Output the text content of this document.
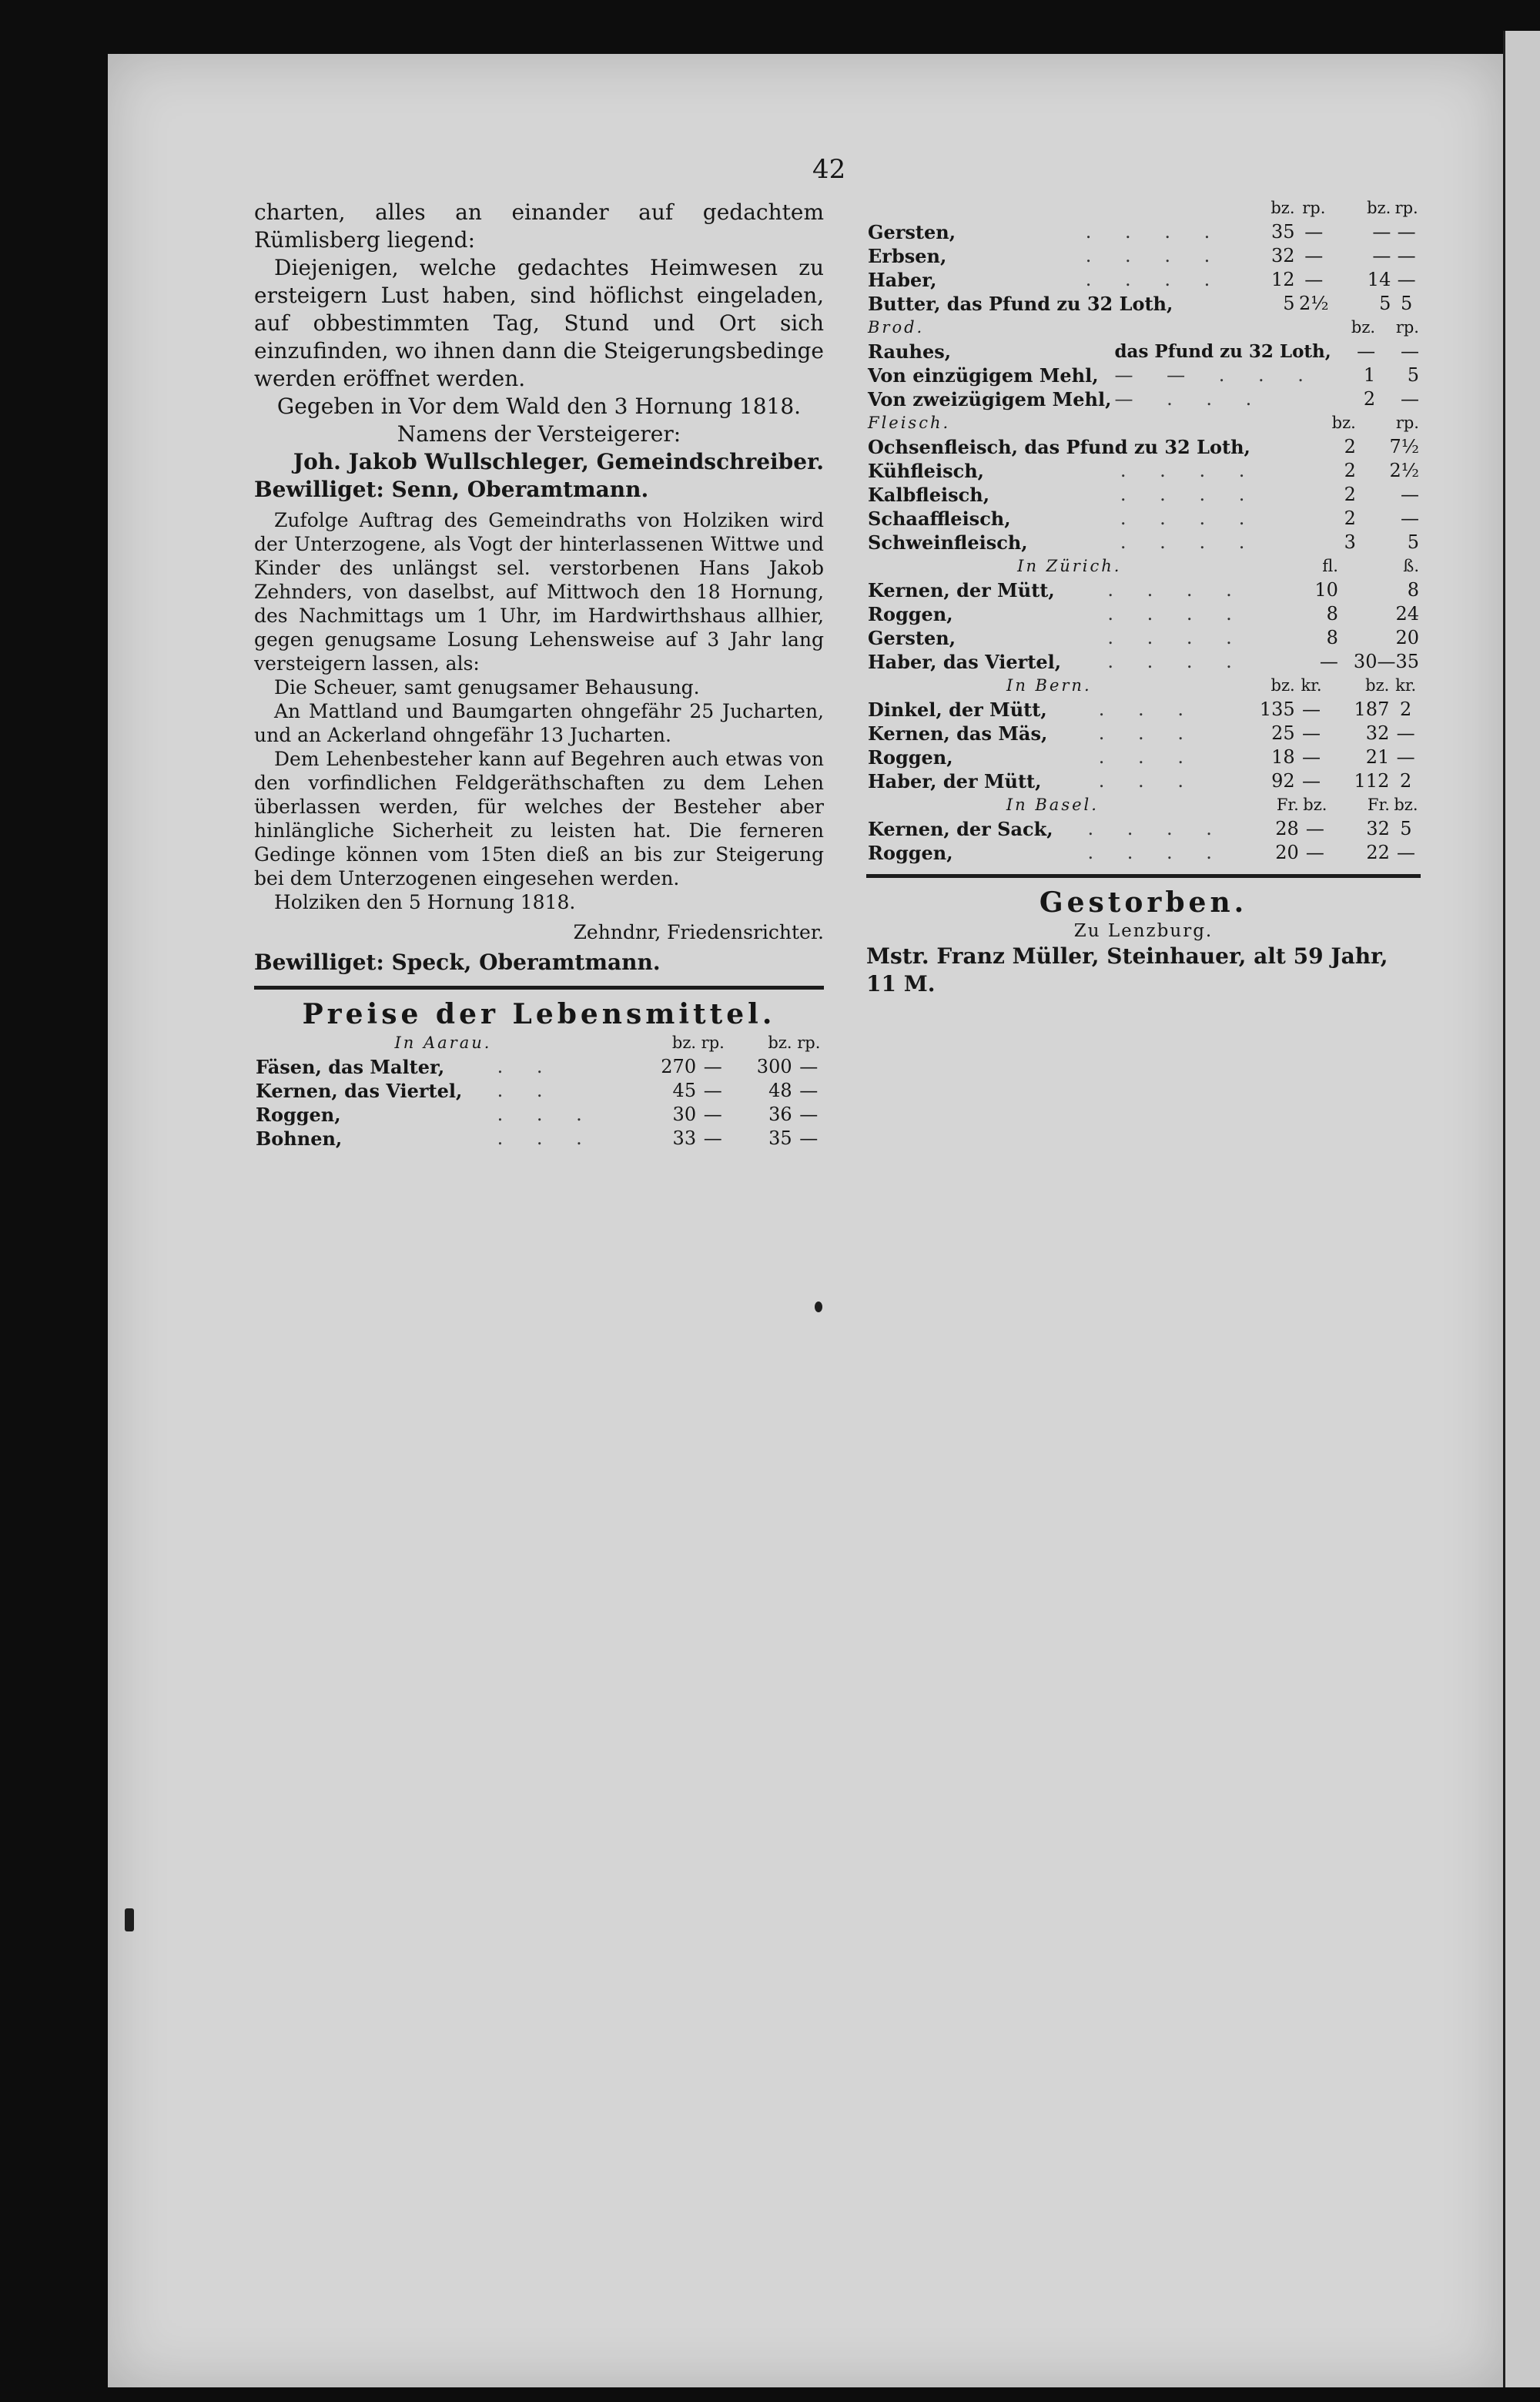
42

charten, alles an einander auf gedachtem Rümlisberg liegend:

Diejenigen, welche gedachtes Heimwesen zu ersteigern Lust haben, sind höflichst eingeladen, auf obbestimmten Tag, Stund und Ort sich einzufinden, wo ihnen dann die Steigerungsbedinge werden eröffnet werden.

Gegeben in Vor dem Wald den 3 Hornung 1818.

Namens der Versteigerer:

Joh. Jakob Wullschleger, Gemeindschreiber.

Bewilliget: Senn, Oberamtmann.

Zufolge Auftrag des Gemeindraths von Holziken wird der Unterzogene, als Vogt der hinterlassenen Wittwe und Kinder des unlängst sel. verstorbenen Hans Jakob Zehnders, von daselbst, auf Mittwoch den 18 Hornung, des Nachmittags um 1 Uhr, im Hardwirthshaus allhier, gegen genugsame Losung Lehensweise auf 3 Jahr lang versteigern lassen, als:

Die Scheuer, samt genugsamer Behausung.

An Mattland und Baumgarten ohngefähr 25 Jucharten, und an Ackerland ohngefähr 13 Jucharten.

Dem Lehenbesteher kann auf Begehren auch etwas von den vorfindlichen Feldgeräthschaften zu dem Lehen überlassen werden, für welches der Besteher aber hinlängliche Sicherheit zu leisten hat. Die ferneren Gedinge können vom 15ten dieß an bis zur Steigerung bei dem Unterzogenen eingesehen werden.

Holziken den 5 Hornung 1818.

Zehndnr, Friedensrichter.

Bewilliget: Speck, Oberamtmann.

Preise der Lebensmittel.
In Aarau.		bz.	rp.	bz.	rp.
Fäsen, das Malter,	. .	270	—	300	—
Kernen, das Viertel,	. .	45	—	48	—
Roggen,	. . .	30	—	36	—
Bohnen,	. . .	33	—	35	—
		bz.	rp.	bz.	rp.
Gersten,	. . . .	35	—	—	—
Erbsen,	. . . .	32	—	—	—
Haber,	. . . .	12	—	14	—
Butter, das Pfund zu 32 Loth,		5	2½	5	5
Brod.		bz.	rp.
Rauhes,	das Pfund zu 32 Loth,	—	—
Von einzügigem Mehl,	— — . . .	1	5
Von zweizügigem Mehl,	— . . .	2	—
Fleisch.		bz.	rp.
Ochsenfleisch, das Pfund zu 32 Loth,		2	7½
Kühfleisch,	. . . .	2	2½
Kalbfleisch,	. . . .	2	—
Schaaffleisch,	. . . .	2	—
Schweinfleisch,	. . . .	3	5
In Zürich.		fl.	ß.
Kernen, der Mütt,	. . . .	10	8
Roggen,	. . . .	8	24
Gersten,	. . . .	8	20
Haber, das Viertel,	. . . .	—	30—35
In Bern.		bz.	kr.	bz.	kr.
Dinkel, der Mütt,	. . .	135	—	187	2
Kernen, das Mäs,	. . .	25	—	32	—
Roggen,	. . .	18	—	21	—
Haber, der Mütt,	. . .	92	—	112	2
In Basel.		Fr.	bz.	Fr.	bz.
Kernen, der Sack,	. . . .	28	—	32	5
Roggen,	. . . .	20	—	22	—
Gestorben.
Zu Lenzburg.

Mstr. Franz Müller, Steinhauer, alt 59 Jahr, 11 M.
